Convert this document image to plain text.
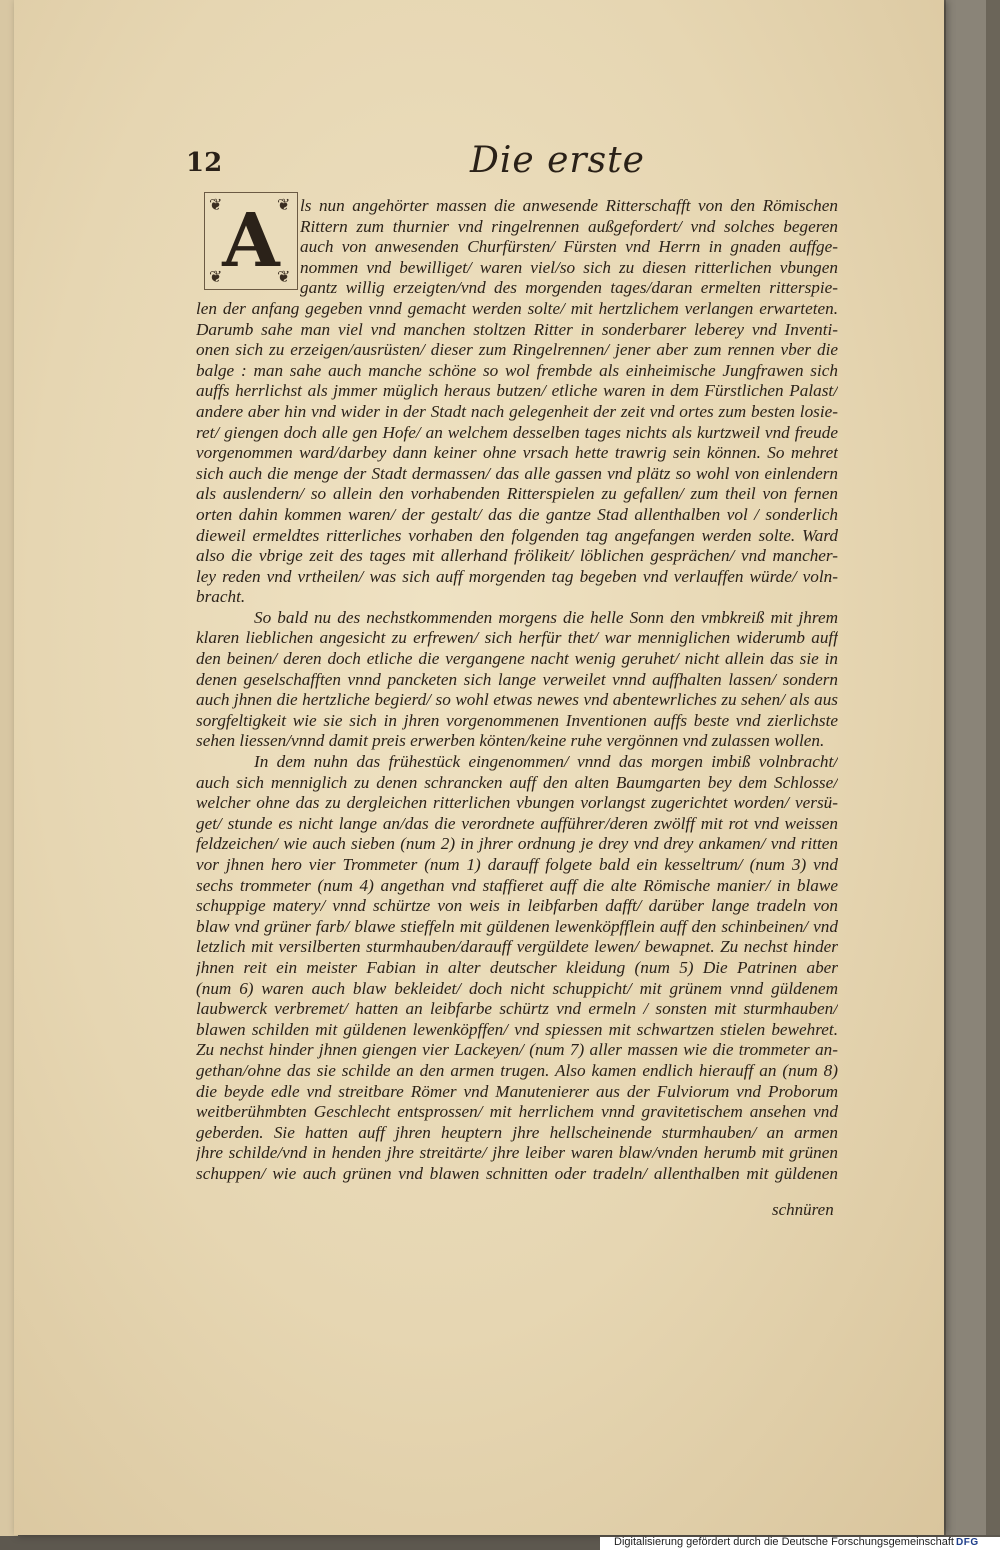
12	Die erste
A
❦	❦
❦	❦
ls nun angehörter massen die anwesende Ritterschafft von den Römischen
Rittern zum thurnier vnd ringelrennen außgefordert/ vnd solches begeren
auch von anwesenden Churfürsten/ Fürsten vnd Herrn in gnaden auffge-
nommen vnd bewilliget/ waren viel/so sich zu diesen ritterlichen vbungen
gantz willig erzeigten/vnd des morgenden tages/daran ermelten ritterspie-
len der anfang gegeben vnnd gemacht werden solte/ mit hertzlichem verlangen erwarteten.
Darumb sahe man viel vnd manchen stoltzen Ritter in sonderbarer leberey vnd Inventi-
onen sich zu erzeigen/ausrüsten/ dieser zum Ringelrennen/ jener aber zum rennen vber die
balge : man sahe auch manche schöne so wol frembde als einheimische Jungfrawen sich
auffs herrlichst als jmmer müglich heraus butzen/ etliche waren in dem Fürstlichen Palast/
andere aber hin vnd wider in der Stadt nach gelegenheit der zeit vnd ortes zum besten losie-
ret/ giengen doch alle gen Hofe/ an welchem desselben tages nichts als kurtzweil vnd freude
vorgenommen ward/darbey dann keiner ohne vrsach hette trawrig sein können. So mehret
sich auch die menge der Stadt dermassen/ das alle gassen vnd plätz so wohl von einlendern
als auslendern/ so allein den vorhabenden Ritterspielen zu gefallen/ zum theil von fernen
orten dahin kommen waren/ der gestalt/ das die gantze Stad allenthalben vol / sonderlich
dieweil ermeldtes ritterliches vorhaben den folgenden tag angefangen werden solte. Ward
also die vbrige zeit des tages mit allerhand frölikeit/ löblichen gesprächen/ vnd mancher-
ley reden vnd vrtheilen/ was sich auff morgenden tag begeben vnd verlauffen würde/ voln-
bracht.
So bald nu des nechstkommenden morgens die helle Sonn den vmbkreiß mit jhrem
klaren lieblichen angesicht zu erfrewen/ sich herfür thet/ war menniglichen widerumb auff
den beinen/ deren doch etliche die vergangene nacht wenig geruhet/ nicht allein das sie in
denen geselschafften vnnd pancketen sich lange verweilet vnnd auffhalten lassen/ sondern
auch jhnen die hertzliche begierd/ so wohl etwas newes vnd abentewrliches zu sehen/ als aus
sorgfeltigkeit wie sie sich in jhren vorgenommenen Inventionen auffs beste vnd zierlichste
sehen liessen/vnnd damit preis erwerben könten/keine ruhe vergönnen vnd zulassen wollen.
In dem nuhn das frühestück eingenommen/ vnnd das morgen imbiß volnbracht/
auch sich menniglich zu denen schrancken auff den alten Baumgarten bey dem Schlosse/
welcher ohne das zu dergleichen ritterlichen vbungen vorlangst zugerichtet worden/ versü-
get/ stunde es nicht lange an/das die verordnete aufführer/deren zwölff mit rot vnd weissen
feldzeichen/ wie auch sieben (num 2) in jhrer ordnung je drey vnd drey ankamen/ vnd ritten
vor jhnen hero vier Trommeter (num 1) darauff folgete bald ein kesseltrum/ (num 3) vnd
sechs trommeter (num 4) angethan vnd staffieret auff die alte Römische manier/ in blawe
schuppige matery/ vnnd schürtze von weis in leibfarben dafft/ darüber lange tradeln von
blaw vnd grüner farb/ blawe stieffeln mit güldenen lewenköpfflein auff den schinbeinen/ vnd
letzlich mit versilberten sturmhauben/darauff vergüldete lewen/ bewapnet. Zu nechst hinder
jhnen reit ein meister Fabian in alter deutscher kleidung (num 5) Die Patrinen aber
(num 6) waren auch blaw bekleidet/ doch nicht schuppicht/ mit grünem vnnd güldenem
laubwerck verbremet/ hatten an leibfarbe schürtz vnd ermeln / sonsten mit sturmhauben/
blawen schilden mit güldenen lewenköpffen/ vnd spiessen mit schwartzen stielen bewehret.
Zu nechst hinder jhnen giengen vier Lackeyen/ (num 7) aller massen wie die trommeter an-
gethan/ohne das sie schilde an den armen trugen. Also kamen endlich hierauff an (num 8)
die beyde edle vnd streitbare Römer vnd Manutenierer aus der Fulviorum vnd Proborum
weitberühmbten Geschlecht entsprossen/ mit herrlichem vnnd gravitetischem ansehen vnd
geberden. Sie hatten auff jhren heuptern jhre hellscheinende sturmhauben/ an armen
jhre schilde/vnd in henden jhre streitärte/ jhre leiber waren blaw/vnden herumb mit grünen
schuppen/ wie auch grünen vnd blawen schnitten oder tradeln/ allenthalben mit güldenen
schnüren
Digitalisierung gefördert durch die Deutsche Forschungsgemeinschaft DFG
